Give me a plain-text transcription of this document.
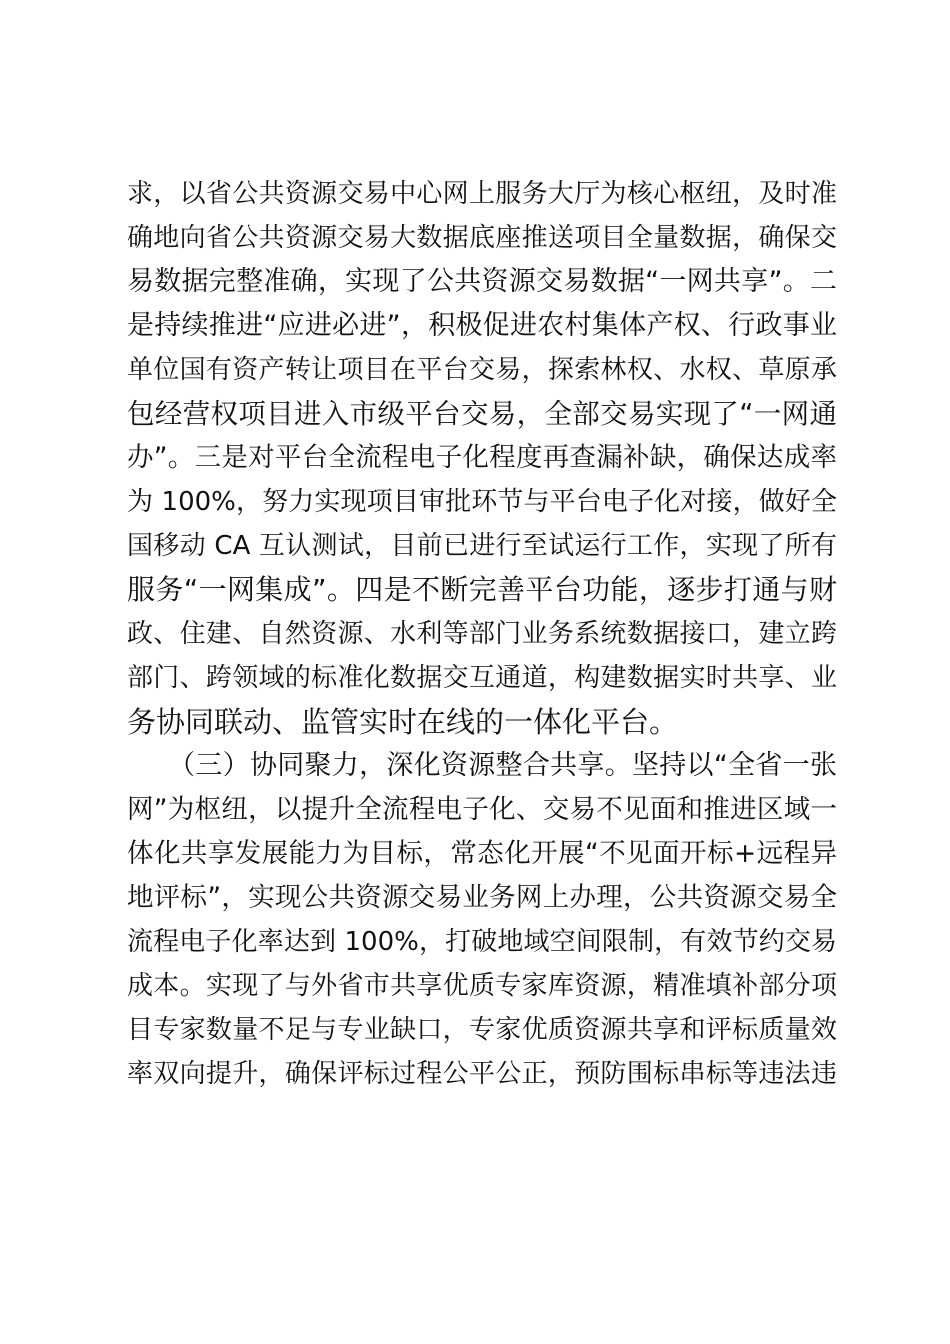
求，以省公共资源交易中心网上服务大厅为核心枢纽，及时准
确地向省公共资源交易大数据底座推送项目全量数据，确保交
易数据完整准确，实现了公共资源交易数据“一网共享”。二
是持续推进“应进必进”，积极促进农村集体产权、行政事业
单位国有资产转让项目在平台交易，探索林权、水权、草原承
包经营权项目进入市级平台交易，全部交易实现了“一网通
办”。三是对平台全流程电子化程度再查漏补缺，确保达成率
为 100%，努力实现项目审批环节与平台电子化对接，做好全
国移动 CA 互认测试，目前已进行至试运行工作，实现了所有
服务“一网集成”。四是不断完善平台功能，逐步打通与财
政、住建、自然资源、水利等部门业务系统数据接口，建立跨
部门、跨领域的标准化数据交互通道，构建数据实时共享、业
务协同联动、监管实时在线的一体化平台。
　　（三）协同聚力，深化资源整合共享。坚持以“全省一张
网”为枢纽，以提升全流程电子化、交易不见面和推进区域一
体化共享发展能力为目标，常态化开展“不见面开标+远程异
地评标”，实现公共资源交易业务网上办理，公共资源交易全
流程电子化率达到 100%，打破地域空间限制，有效节约交易
成本。实现了与外省市共享优质专家库资源，精准填补部分项
目专家数量不足与专业缺口，专家优质资源共享和评标质量效
率双向提升，确保评标过程公平公正，预防围标串标等违法违
